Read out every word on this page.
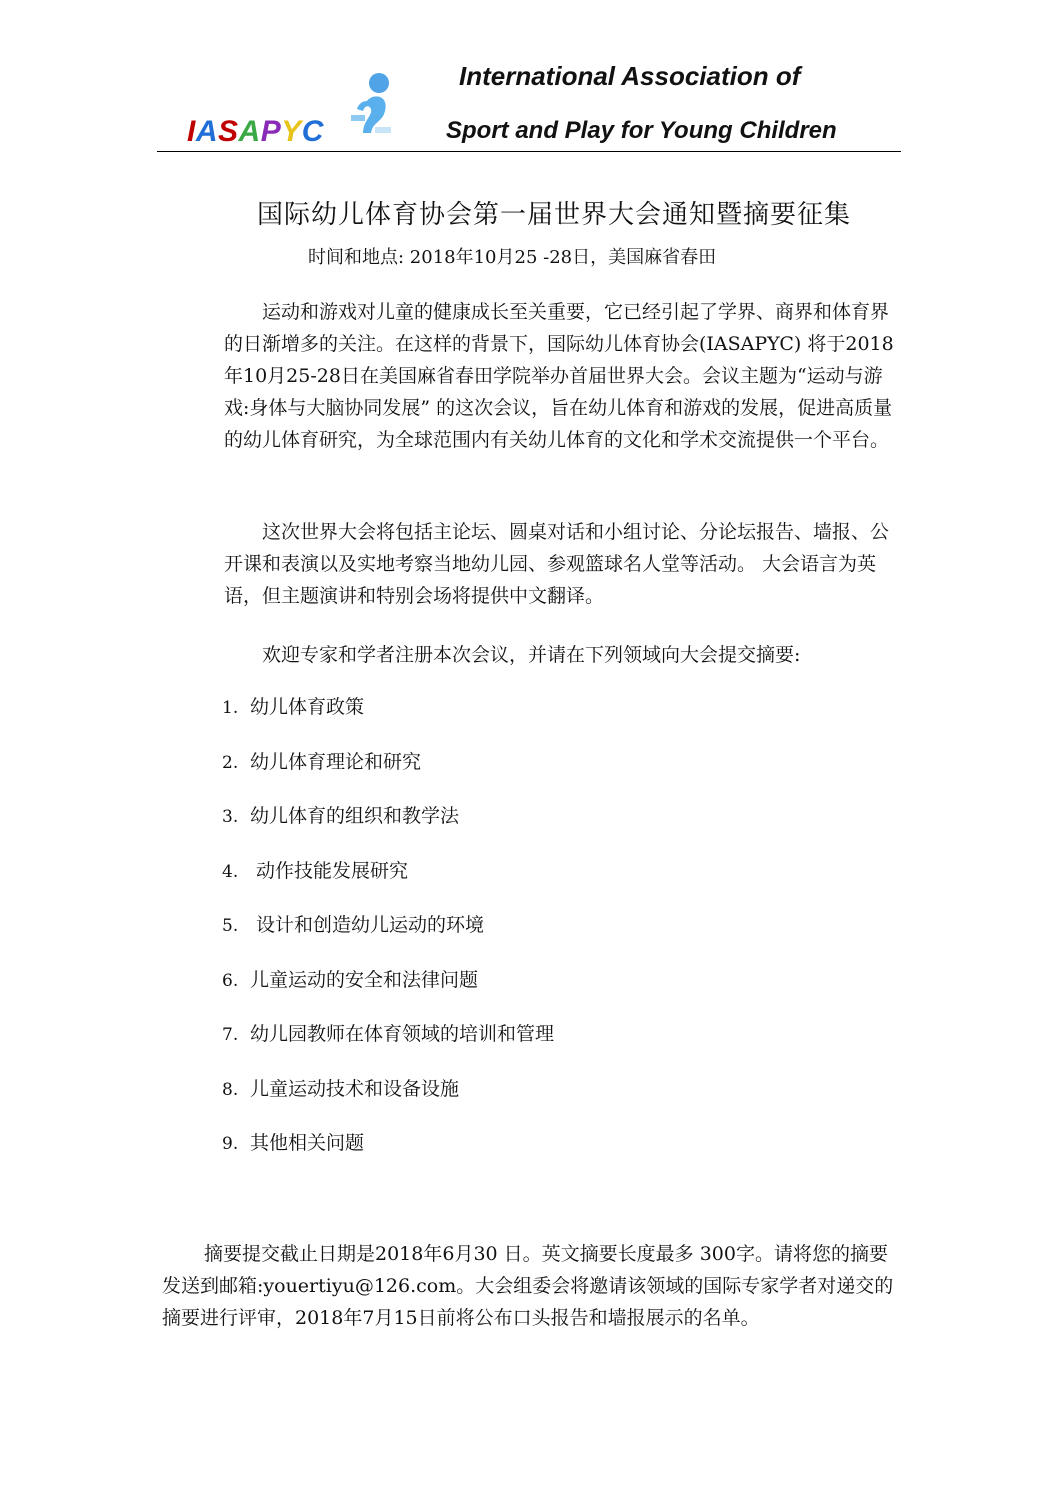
IASAPYC
International Association of
Sport and Play for Young Children
国际幼儿体育协会第一届世界大会通知暨摘要征集
时间和地点: 2018年10月25 -28日，美国麻省春田
运动和游戏对儿童的健康成长至关重要，它已经引起了学界、商界和体育界的日渐增多的关注。在这样的背景下，国际幼儿体育协会(IASAPYC) 将于2018年10月25-28日在美国麻省春田学院举办首届世界大会。会议主题为“运动与游戏:身体与大脑协同发展” 的这次会议，旨在幼儿体育和游戏的发展，促进高质量的幼儿体育研究，为全球范围内有关幼儿体育的文化和学术交流提供一个平台。
这次世界大会将包括主论坛、圆桌对话和小组讨论、分论坛报告、墙报、公开课和表演以及实地考察当地幼儿园、参观篮球名人堂等活动。 大会语言为英语，但主题演讲和特别会场将提供中文翻译。
欢迎专家和学者注册本次会议，并请在下列领域向大会提交摘要:
1. 幼儿体育政策
2. 幼儿体育理论和研究
3. 幼儿体育的组织和教学法
4. 动作技能发展研究
5. 设计和创造幼儿运动的环境
6. 儿童运动的安全和法律问题
7. 幼儿园教师在体育领域的培训和管理
8. 儿童运动技术和设备设施
9. 其他相关问题
摘要提交截止日期是2018年6月30 日。英文摘要长度最多 300字。请将您的摘要发送到邮箱:youertiyu@126.com。大会组委会将邀请该领域的国际专家学者对递交的摘要进行评审，2018年7月15日前将公布口头报告和墙报展示的名单。
